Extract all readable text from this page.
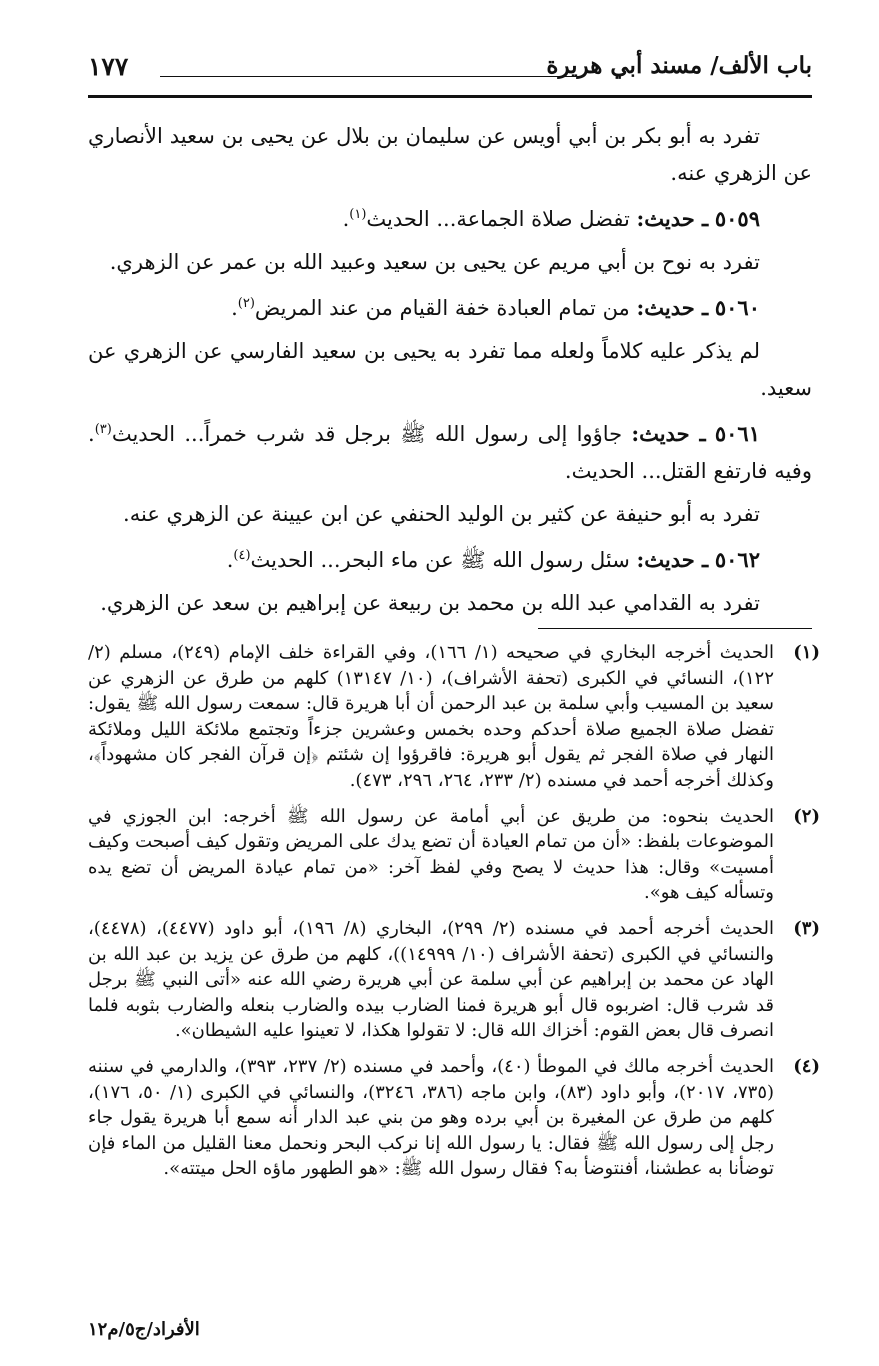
باب الألف/ مسند أبي هريرة
١٧٧

تفرد به أبو بكر بن أبي أويس عن سليمان بن بلال عن يحيى بن سعيد الأنصاري عن الزهري عنه.

٥٠٥٩ ـ حديث: تفضل صلاة الجماعة... الحديث$^{(١)}$.

تفرد به نوح بن أبي مريم عن يحيى بن سعيد وعبيد الله بن عمر عن الزهري.

٥٠٦٠ ـ حديث: من تمام العبادة خفة القيام من عند المريض$^{(٢)}$.

لم يذكر عليه كلاماً ولعله مما تفرد به يحيى بن سعيد الفارسي عن الزهري عن سعيد.

٥٠٦١ ـ حديث: جاؤوا إلى رسول الله ﷺ برجل قد شرب خمراً... الحديث$^{(٣)}$. وفيه فارتفع القتل... الحديث.

تفرد به أبو حنيفة عن كثير بن الوليد الحنفي عن ابن عيينة عن الزهري عنه.

٥٠٦٢ ـ حديث: سئل رسول الله ﷺ عن ماء البحر... الحديث$^{(٤)}$.

تفرد به القدامي عبد الله بن محمد بن ربيعة عن إبراهيم بن سعد عن الزهري.

(١)

الحديث أخرجه البخاري في صحيحه (١/ ١٦٦)، وفي القراءة خلف الإمام (٢٤٩)، مسلم (٢/ ١٢٢)، النسائي في الكبرى (تحفة الأشراف)، (١٠/ ١٣١٤٧) كلهم من طرق عن الزهري عن سعيد بن المسيب وأبي سلمة بن عبد الرحمن أن أبا هريرة قال: سمعت رسول الله ﷺ يقول: تفضل صلاة الجميع صلاة أحدكم وحده بخمس وعشرين جزءاً وتجتمع ملائكة الليل وملائكة النهار في صلاة الفجر ثم يقول أبو هريرة: فاقرؤوا إن شئتم ﴿إن قرآن الفجر كان مشهوداً﴾، وكذلك أخرجه أحمد في مسنده (٢/ ٢٣٣، ٢٦٤، ٢٩٦، ٤٧٣).

(٢)

الحديث بنحوه: من طريق عن أبي أمامة عن رسول الله ﷺ أخرجه: ابن الجوزي في الموضوعات بلفظ: «أن من تمام العيادة أن تضع يدك على المريض وتقول كيف أصبحت وكيف أمسيت» وقال: هذا حديث لا يصح وفي لفظ آخر: «من تمام عيادة المريض أن تضع يده وتسأله كيف هو».

(٣)

الحديث أخرجه أحمد في مسنده (٢/ ٢٩٩)، البخاري (٨/ ١٩٦)، أبو داود (٤٤٧٧)، (٤٤٧٨)، والنسائي في الكبرى (تحفة الأشراف (١٠/ ١٤٩٩٩))، كلهم من طرق عن يزيد بن عبد الله بن الهاد عن محمد بن إبراهيم عن أبي سلمة عن أبي هريرة رضي الله عنه «أتى النبي ﷺ برجل قد شرب قال: اضربوه قال أبو هريرة فمنا الضارب بيده والضارب بنعله والضارب بثوبه فلما انصرف قال بعض القوم: أخزاك الله قال: لا تقولوا هكذا، لا تعينوا عليه الشيطان».

(٤)

الحديث أخرجه مالك في الموطأ (٤٠)، وأحمد في مسنده (٢/ ٢٣٧، ٣٩٣)، والدارمي في سننه (٧٣٥، ٢٠١٧)، وأبو داود (٨٣)، وابن ماجه (٣٨٦، ٣٢٤٦)، والنسائي في الكبرى (١/ ٥٠، ١٧٦)، كلهم من طرق عن المغيرة بن أبي برده وهو من بني عبد الدار أنه سمع أبا هريرة يقول جاء رجل إلى رسول الله ﷺ فقال: يا رسول الله إنا نركب البحر ونحمل معنا القليل من الماء فإن توضأنا به عطشنا، أفنتوضأ به؟ فقال رسول الله ﷺ: «هو الطهور ماؤه الحل ميتته».

الأفراد/ج٥/م١٢
